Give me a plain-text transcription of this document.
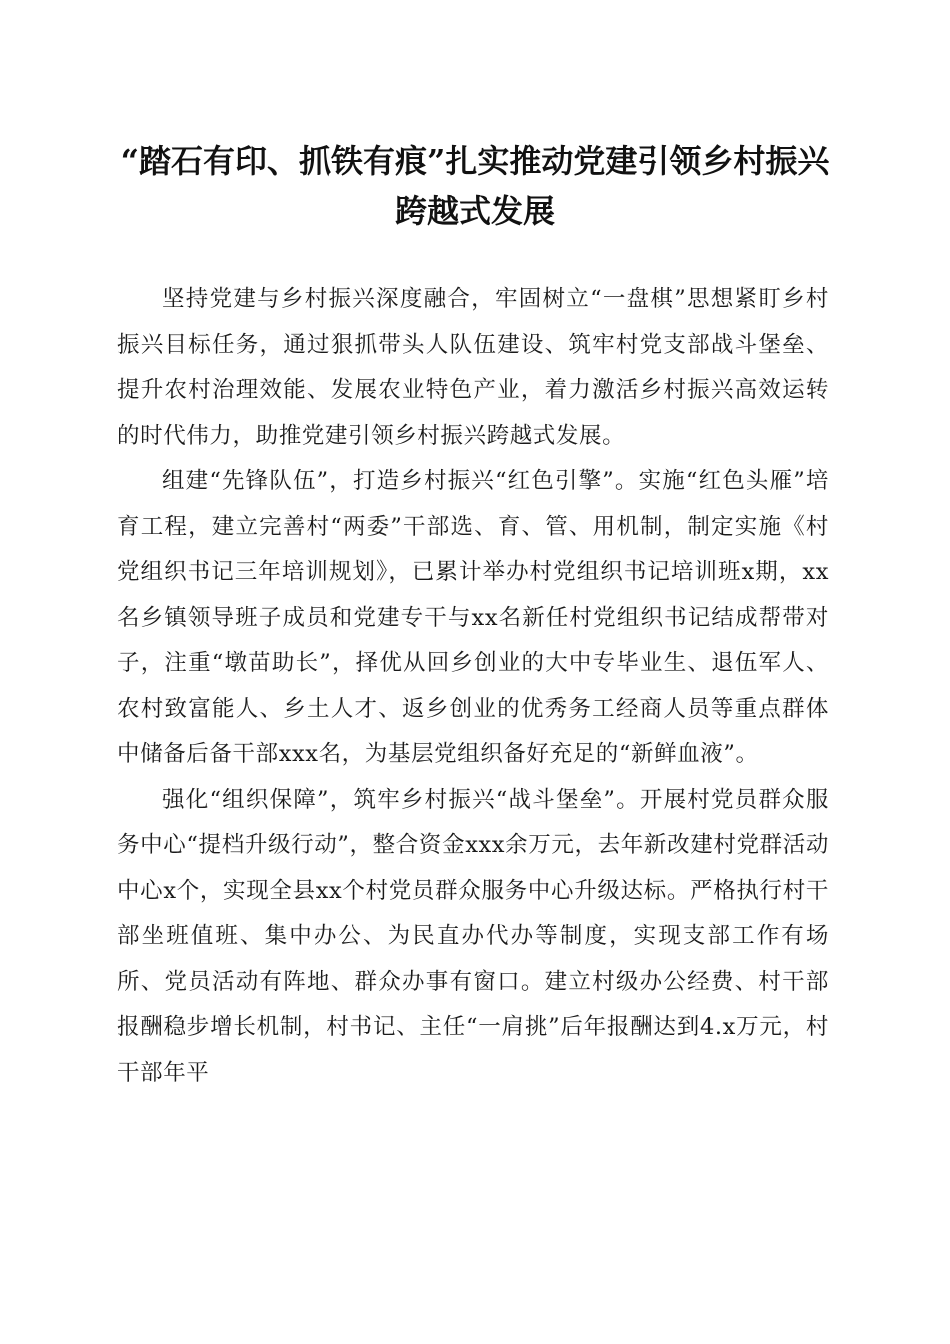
“踏石有印、抓铁有痕”扎实推动党建引领乡村振兴跨越式发展

坚持党建与乡村振兴深度融合，牢固树立“一盘棋”思想紧盯乡村振兴目标任务，通过狠抓带头人队伍建设、筑牢村党支部战斗堡垒、提升农村治理效能、发展农业特色产业，着力激活乡村振兴高效运转的时代伟力，助推党建引领乡村振兴跨越式发展。

组建“先锋队伍”，打造乡村振兴“红色引擎”。实施“红色头雁”培育工程，建立完善村“两委”干部选、育、管、用机制，制定实施《村党组织书记三年培训规划》，已累计举办村党组织书记培训班x期，xx名乡镇领导班子成员和党建专干与xx名新任村党组织书记结成帮带对子，注重“墩苗助长”，择优从回乡创业的大中专毕业生、退伍军人、农村致富能人、乡土人才、返乡创业的优秀务工经商人员等重点群体中储备后备干部xxx名，为基层党组织备好充足的“新鲜血液”。

强化“组织保障”，筑牢乡村振兴“战斗堡垒”。开展村党员群众服务中心“提档升级行动”，整合资金xxx余万元，去年新改建村党群活动中心x个，实现全县xx个村党员群众服务中心升级达标。严格执行村干部坐班值班、集中办公、为民直办代办等制度，实现支部工作有场所、党员活动有阵地、群众办事有窗口。建立村级办公经费、村干部报酬稳步增长机制，村书记、主任“一肩挑”后年报酬达到4.x万元，村干部年平
